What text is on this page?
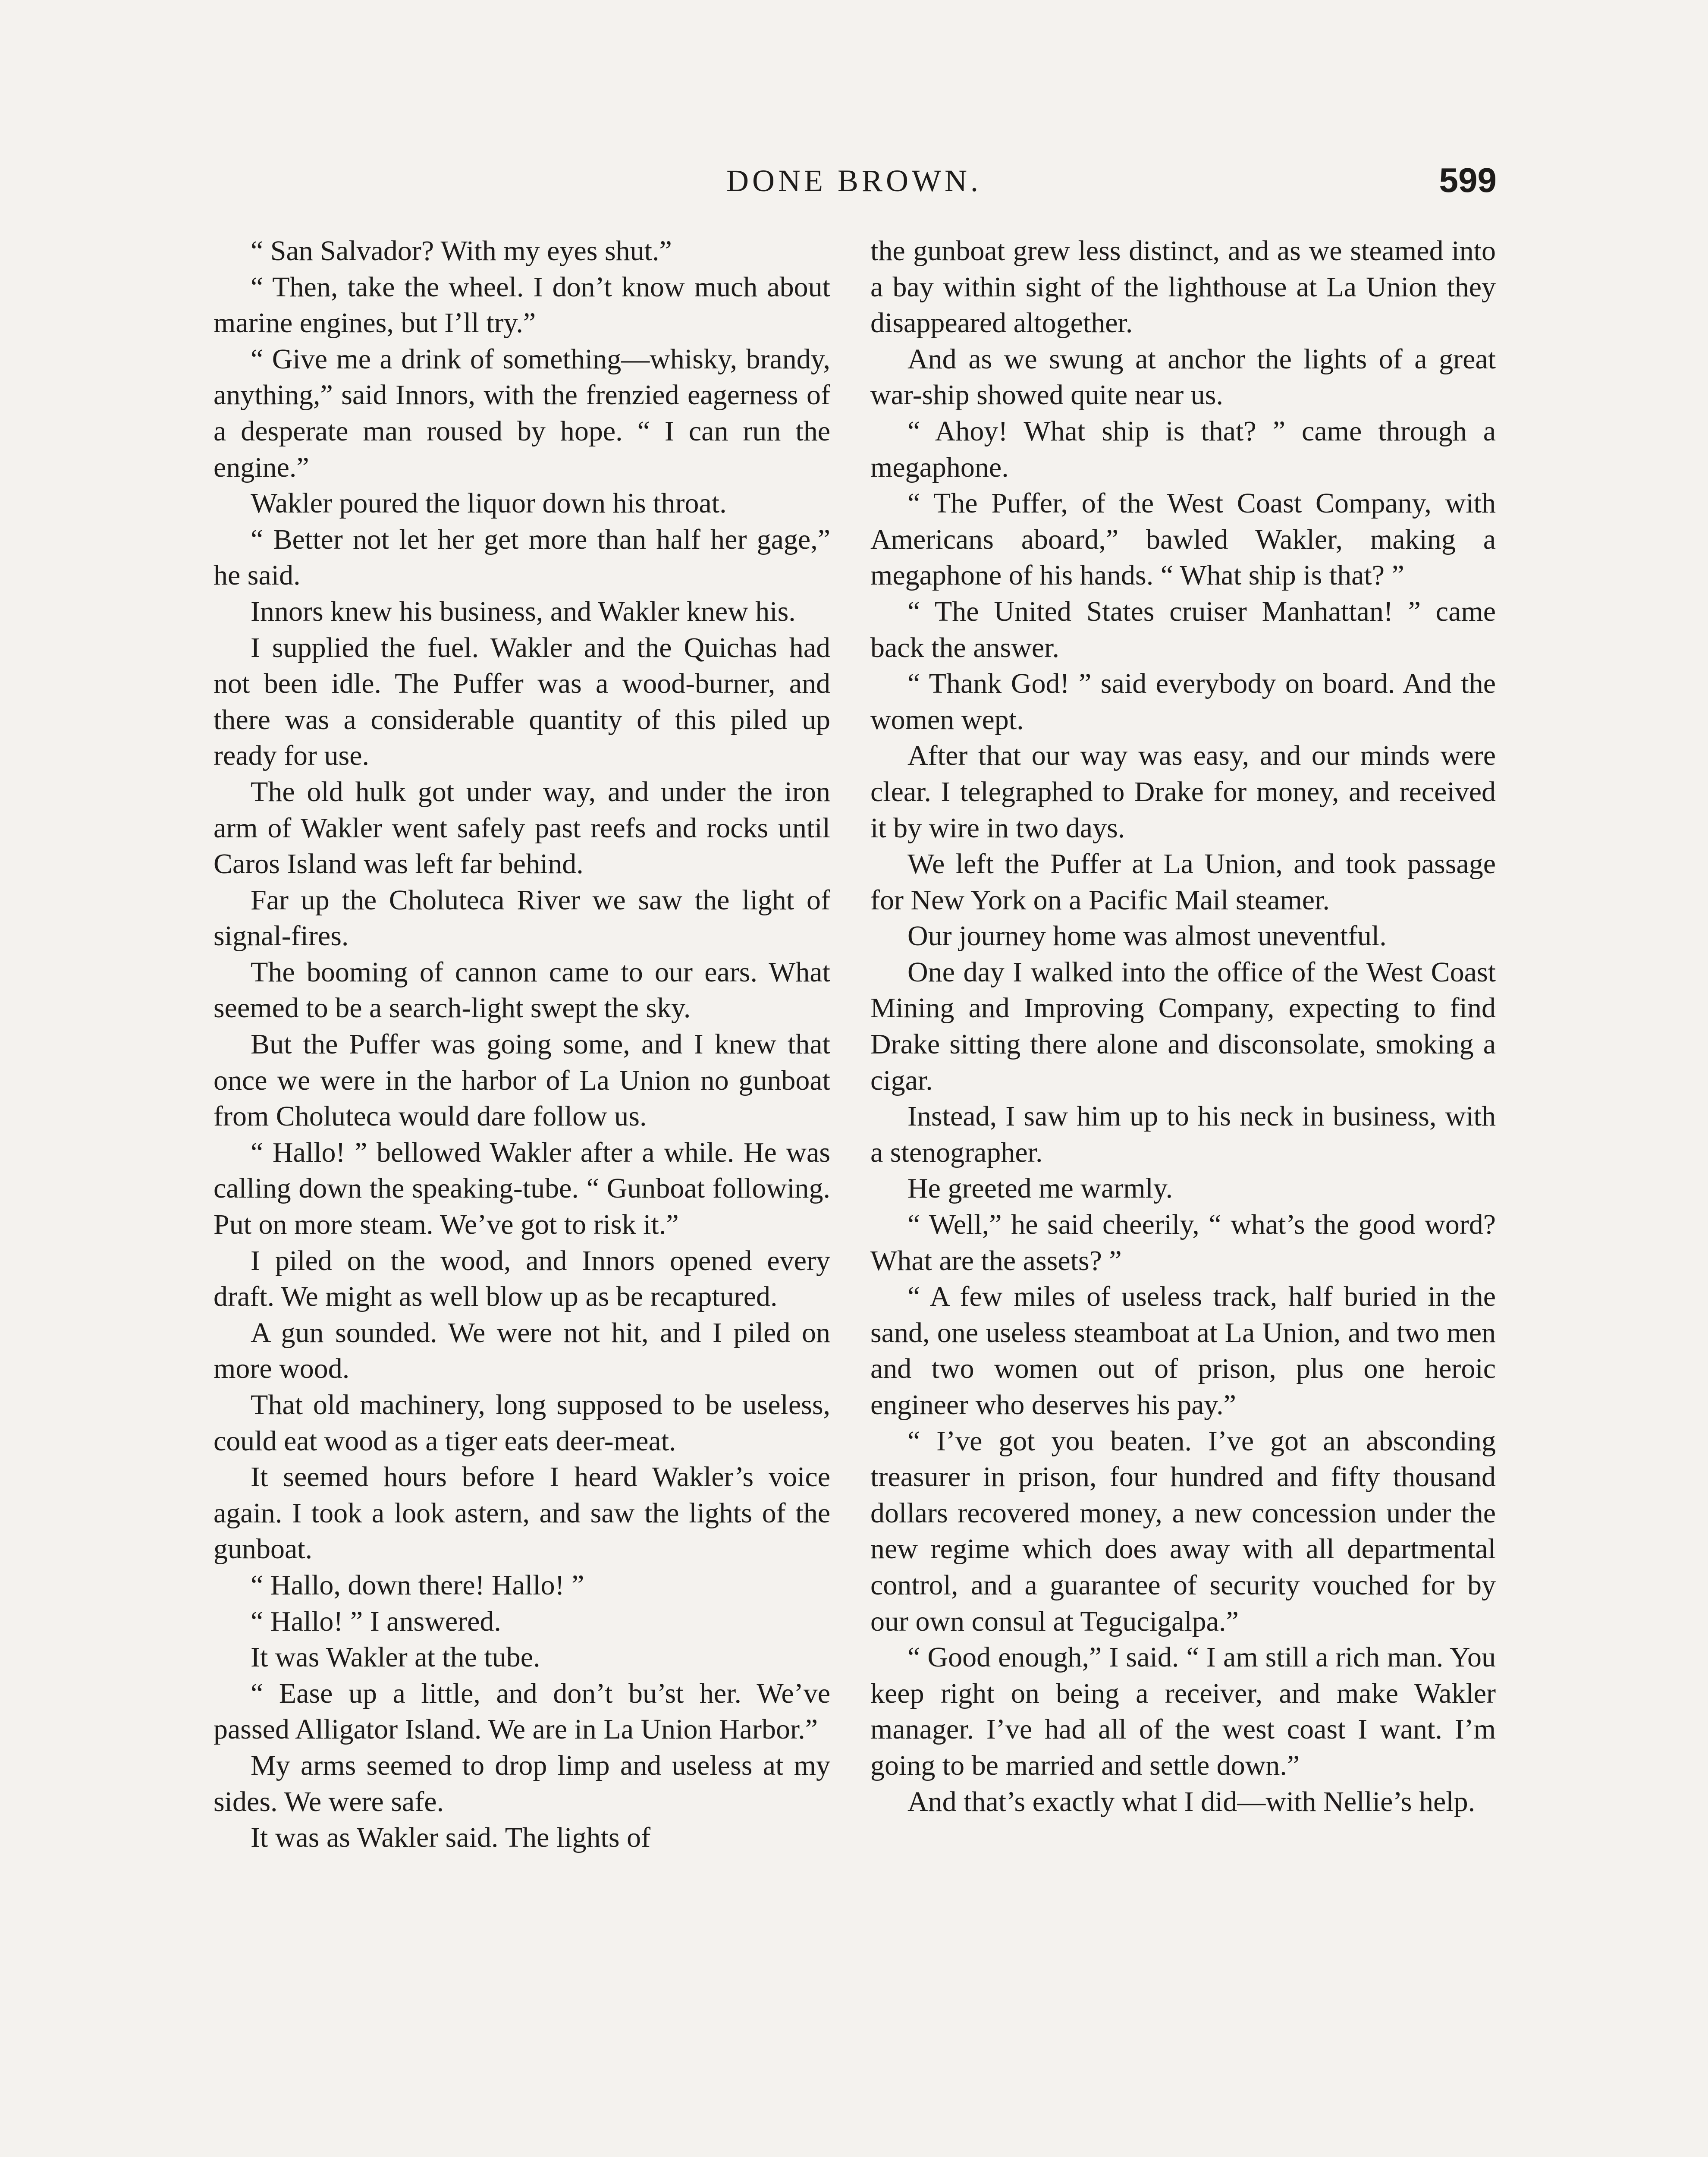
DONE BROWN.	599

“ San Salvador? With my eyes shut.”

“ Then, take the wheel. I don’t know much about marine engines, but I’ll try.”

“ Give me a drink of something—whisky, brandy, anything,” said Innors, with the frenzied eagerness of a desperate man roused by hope. “ I can run the engine.”

Wakler poured the liquor down his throat.

“ Better not let her get more than half her gage,” he said.

Innors knew his business, and Wakler knew his.

I supplied the fuel. Wakler and the Quichas had not been idle. The Puffer was a wood-burner, and there was a considerable quantity of this piled up ready for use.

The old hulk got under way, and under the iron arm of Wakler went safely past reefs and rocks until Caros Island was left far behind.

Far up the Choluteca River we saw the light of signal-fires.

The booming of cannon came to our ears. What seemed to be a search-light swept the sky.

But the Puffer was going some, and I knew that once we were in the harbor of La Union no gunboat from Choluteca would dare follow us.

“ Hallo! ” bellowed Wakler after a while. He was calling down the speaking-tube. “ Gunboat following. Put on more steam. We’ve got to risk it.”

I piled on the wood, and Innors opened every draft. We might as well blow up as be recaptured.

A gun sounded. We were not hit, and I piled on more wood.

That old machinery, long supposed to be useless, could eat wood as a tiger eats deer-meat.

It seemed hours before I heard Wakler’s voice again. I took a look astern, and saw the lights of the gunboat.

“ Hallo, down there! Hallo! ”

“ Hallo! ” I answered.

It was Wakler at the tube.

“ Ease up a little, and don’t bu’st her. We’ve passed Alligator Island. We are in La Union Harbor.”

My arms seemed to drop limp and useless at my sides. We were safe.

It was as Wakler said. The lights of

the gunboat grew less distinct, and as we steamed into a bay within sight of the lighthouse at La Union they disappeared altogether.

And as we swung at anchor the lights of a great war-ship showed quite near us.

“ Ahoy! What ship is that? ” came through a megaphone.

“ The Puffer, of the West Coast Company, with Americans aboard,” bawled Wakler, making a megaphone of his hands. “ What ship is that? ”

“ The United States cruiser Manhattan! ” came back the answer.

“ Thank God! ” said everybody on board. And the women wept.

After that our way was easy, and our minds were clear. I telegraphed to Drake for money, and received it by wire in two days.

We left the Puffer at La Union, and took passage for New York on a Pacific Mail steamer.

Our journey home was almost uneventful.

One day I walked into the office of the West Coast Mining and Improving Company, expecting to find Drake sitting there alone and disconsolate, smoking a cigar.

Instead, I saw him up to his neck in business, with a stenographer.

He greeted me warmly.

“ Well,” he said cheerily, “ what’s the good word? What are the assets? ”

“ A few miles of useless track, half buried in the sand, one useless steamboat at La Union, and two men and two women out of prison, plus one heroic engineer who deserves his pay.”

“ I’ve got you beaten. I’ve got an absconding treasurer in prison, four hundred and fifty thousand dollars recovered money, a new concession under the new regime which does away with all departmental control, and a guarantee of security vouched for by our own consul at Tegucigalpa.”

“ Good enough,” I said. “ I am still a rich man. You keep right on being a receiver, and make Wakler manager. I’ve had all of the west coast I want. I’m going to be married and settle down.”

And that’s exactly what I did—with Nellie’s help.
